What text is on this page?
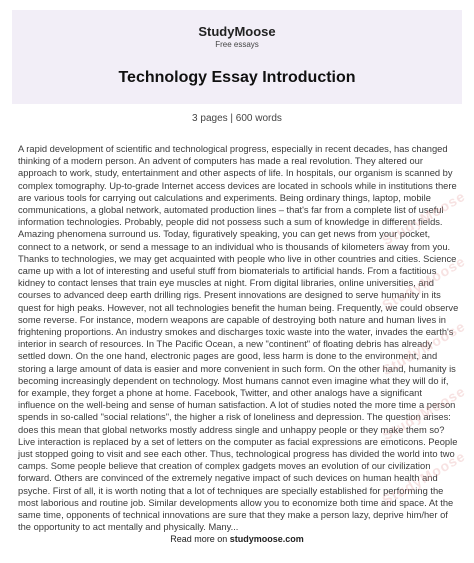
StudyMoose
Free essays
Technology Essay Introduction
3 pages | 600 words
A rapid development of scientific and technological progress, especially in recent decades, has changed thinking of a modern person. An advent of computers has made a real revolution. They altered our approach to work, study, entertainment and other aspects of life. In hospitals, our organism is scanned by complex tomography. Up-to-grade Internet access devices are located in schools while in institutions there are various tools for carrying out calculations and experiments. Being ordinary things, laptop, mobile communications, a global network, automated production lines – that's far from a complete list of useful information technologies. Probably, people did not possess such a sum of knowledge in different fields. Amazing phenomena surround us. Today, figuratively speaking, you can get news from your pocket, connect to a network, or send a message to an individual who is thousands of kilometers away from you. Thanks to technologies, we may get acquainted with people who live in other countries and cities. Science came up with a lot of interesting and useful stuff from biomaterials to artificial hands. From a factitious kidney to contact lenses that train eye muscles at night. From digital libraries, online universities, and courses to advanced deep earth drilling rigs. Present innovations are designed to serve humanity in its quest for high peaks. However, not all technologies benefit the human being. Frequently, we could observe some reverse. For instance, modern weapons are capable of destroying both nature and human lives in frightening proportions. An industry smokes and discharges toxic waste into the water, invades the earth's interior in search of resources. In The Pacific Ocean, a new "continent" of floating debris has already settled down. On the one hand, electronic pages are good, less harm is done to the environment, and storing a large amount of data is easier and more convenient in such form. On the other hand, humanity is becoming increasingly dependent on technology. Most humans cannot even imagine what they will do if, for example, they forget a phone at home. Facebook, Twitter, and other analogs have a significant influence on the well-being and sense of human satisfaction. A lot of studies noted the more time a person spends in so-called "social relations", the higher a risk of loneliness and depression. The question arises: does this mean that global networks mostly address single and unhappy people or they make them so? Live interaction is replaced by a set of letters on the computer as facial expressions are emoticons. People just stopped going to visit and see each other. Thus, technological progress has divided the world into two camps. Some people believe that creation of complex gadgets moves an evolution of our civilization forward. Others are convinced of the extremely negative impact of such devices on human health and psyche. First of all, it is worth noting that a lot of techniques are specially established for performing the most laborious and routine job. Similar developments allow you to economize both time and space. At the same time, opponents of technical innovations are sure that they make a person lazy, deprive him/her of the opportunity to act mentally and physically. Many...
StudyMoose
StudyMoose
StudyMoose
StudyMoose
StudyMoose
Read more on studymoose.com
